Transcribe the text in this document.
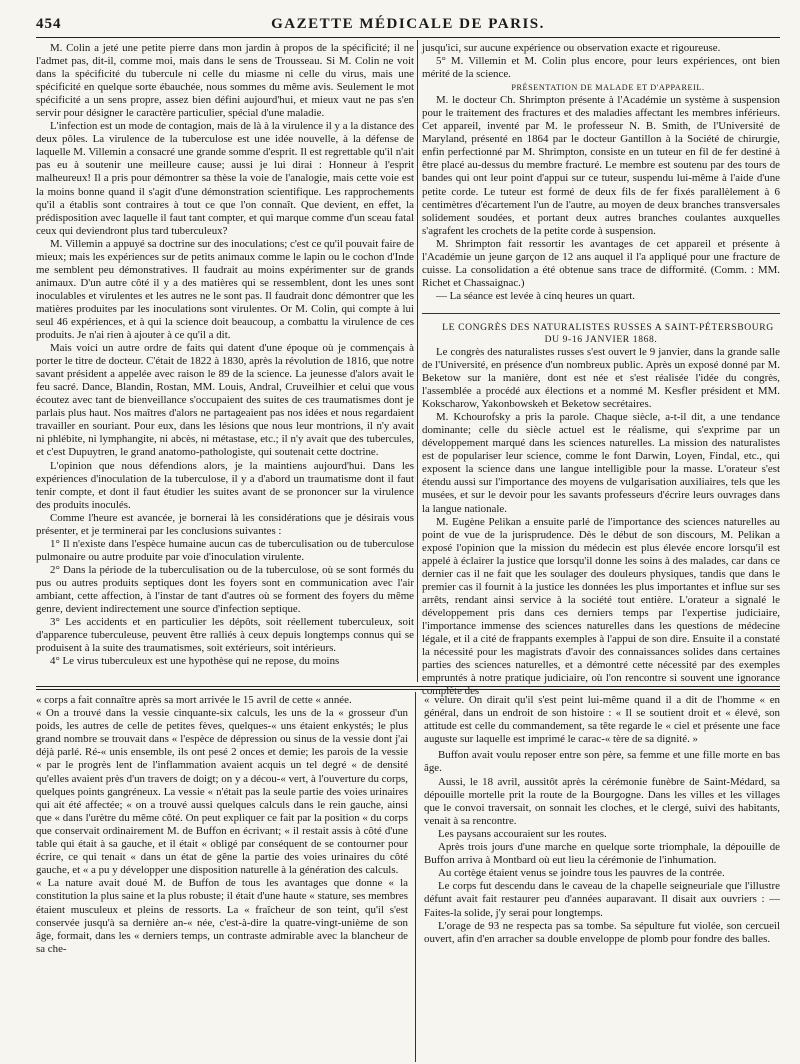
454	GAZETTE MÉDICALE DE PARIS.

M. Colin a jeté une petite pierre dans mon jardin à propos de la spécificité; il ne l'admet pas, dit-il, comme moi, mais dans le sens de Trousseau. Si M. Colin ne voit dans la spécificité du tubercule ni celle du miasme ni celle du virus, mais une spécificité en quelque sorte ébauchée, nous sommes du même avis. Seulement le mot spécificité a un sens propre, assez bien défini aujourd'hui, et mieux vaut ne pas s'en servir pour désigner le caractère particulier, spécial d'une maladie.

L'infection est un mode de contagion, mais de là à la virulence il y a la distance des deux pôles. La virulence de la tuberculose est une idée nouvelle, à la défense de laquelle M. Villemin a consacré une grande somme d'esprit. Il est regrettable qu'il n'ait pas eu à soutenir une meilleure cause; aussi je lui dirai : Honneur à l'esprit malheureux! Il a pris pour démontrer sa thèse la voie de l'analogie, mais cette voie est la moins bonne quand il s'agit d'une démonstration scientifique. Les rapprochements qu'il a établis sont contraires à tout ce que l'on connaît. Que devient, en effet, la prédisposition avec laquelle il faut tant compter, et qui marque comme d'un sceau fatal ceux qui deviendront plus tard tuberculeux?

M. Villemin a appuyé sa doctrine sur des inoculations; c'est ce qu'il pouvait faire de mieux; mais les expériences sur de petits animaux comme le lapin ou le cochon d'Inde me semblent peu démonstratives. Il faudrait au moins expérimenter sur de grands animaux. D'un autre côté il y a des matières qui se ressemblent, dont les unes sont inoculables et virulentes et les autres ne le sont pas. Il faudrait donc démontrer que les matières produites par les inoculations sont virulentes. Or M. Colin, qui compte à lui seul 46 expériences, et à qui la science doit beaucoup, a combattu la virulence de ces produits. Je n'ai rien à ajouter à ce qu'il a dit.

Mais voici un autre ordre de faits qui datent d'une époque où je commençais à porter le titre de docteur. C'était de 1822 à 1830, après la révolution de 1816, que notre savant président a appelée avec raison le 89 de la science. La jeunesse d'alors avait le feu sacré. Dance, Blandin, Rostan, MM. Louis, Andral, Cruveilhier et celui que vous écoutez avec tant de bienveillance s'occupaient des suites de ces traumatismes dont je parlais plus haut. Nos maîtres d'alors ne partageaient pas nos idées et nous regardaient travailler en souriant. Pour eux, dans les lésions que nous leur montrions, il n'y avait ni phlébite, ni lymphangite, ni abcès, ni métastase, etc.; il n'y avait que des tubercules, et c'est Dupuytren, le grand anatomo-pathologiste, qui soutenait cette doctrine.

L'opinion que nous défendions alors, je la maintiens aujourd'hui. Dans les expériences d'inoculation de la tuberculose, il y a d'abord un traumatisme dont il faut tenir compte, et dont il faut étudier les suites avant de se prononcer sur la virulence des produits inoculés.

Comme l'heure est avancée, je bornerai là les considérations que je désirais vous présenter, et je terminerai par les conclusions suivantes :

1° Il n'existe dans l'espèce humaine aucun cas de tuberculisation ou de tuberculose pulmonaire ou autre produite par voie d'inoculation virulente.

2° Dans la période de la tuberculisation ou de la tuberculose, où se sont formés du pus ou autres produits septiques dont les foyers sont en communication avec l'air ambiant, cette affection, à l'instar de tant d'autres où se forment des foyers du même genre, devient indirectement une source d'infection septique.

3° Les accidents et en particulier les dépôts, soit réellement tuberculeux, soit d'apparence tuberculeuse, peuvent être ralliés à ceux depuis longtemps connus qui se produisent à la suite des traumatismes, soit extérieurs, soit intérieurs.

4° Le virus tuberculeux est une hypothèse qui ne repose, du moins

jusqu'ici, sur aucune expérience ou observation exacte et rigoureuse.

5° M. Villemin et M. Colin plus encore, pour leurs expériences, ont bien mérité de la science.

PRÉSENTATION DE MALADE ET D'APPAREIL.

M. le docteur Ch. Shrimpton présente à l'Académie un système à suspension pour le traitement des fractures et des maladies affectant les membres inférieurs. Cet appareil, inventé par M. le professeur N. B. Smith, de l'Université de Maryland, présenté en 1864 par le docteur Gantillon à la Société de chirurgie, enfin perfectionné par M. Shrimpton, consiste en un tuteur en fil de fer destiné à être placé au-dessus du membre fracturé. Le membre est soutenu par des tours de bandes qui ont leur point d'appui sur ce tuteur, suspendu lui-même à l'aide d'une petite corde. Le tuteur est formé de deux fils de fer fixés parallèlement à 6 centimètres d'écartement l'un de l'autre, au moyen de deux branches transversales solidement soudées, et portant deux autres branches coulantes auxquelles s'agrafent les crochets de la petite corde à suspension.

M. Shrimpton fait ressortir les avantages de cet appareil et présente à l'Académie un jeune garçon de 12 ans auquel il l'a appliqué pour une fracture de cuisse. La consolidation a été obtenue sans trace de difformité. (Comm. : MM. Richet et Chassaignac.)

— La séance est levée à cinq heures un quart.

LE CONGRÈS DES NATURALISTES RUSSES A SAINT-PÉTERSBOURG
DU 9-16 JANVIER 1868.

Le congrès des naturalistes russes s'est ouvert le 9 janvier, dans la grande salle de l'Université, en présence d'un nombreux public. Après un exposé donné par M. Beketow sur la manière, dont est née et s'est réalisée l'idée du congrès, l'assemblée a procédé aux élections et a nommé M. Kesfler président et MM. Kokscharow, Yakonbowskeh et Beketow secrétaires.

M. Kchourofsky a pris la parole. Chaque siècle, a-t-il dit, a une tendance dominante; celle du siècle actuel est le réalisme, qui s'exprime par un développement marqué dans les sciences naturelles. La mission des naturalistes est de populariser leur science, comme le font Darwin, Loyen, Findal, etc., qui exposent la science dans une langue intelligible pour la masse. L'orateur s'est étendu aussi sur l'importance des moyens de vulgarisation auxiliaires, tels que les musées, et sur le devoir pour les savants professeurs d'écrire leurs ouvrages dans la langue nationale.

M. Eugène Pelikan a ensuite parlé de l'importance des sciences naturelles au point de vue de la jurisprudence. Dès le début de son discours, M. Pelikan a exposé l'opinion que la mission du médecin est plus élevée encore lorsqu'il est appelé à éclairer la justice que lorsqu'il donne les soins à des malades, car dans ce dernier cas il ne fait que les soulager des douleurs physiques, tandis que dans le premier cas il fournit à la justice les données les plus importantes et influe sur ses arrêts, rendant ainsi service à la société tout entière. L'orateur a signalé le développement pris dans ces derniers temps par l'expertise judiciaire, l'importance immense des sciences naturelles dans les questions de médecine légale, et il a cité de frappants exemples à l'appui de son dire. Ensuite il a constaté la nécessité pour les magistrats d'avoir des connaissances solides dans certaines parties des sciences naturelles, et a démontré cette nécessité par des exemples empruntés à notre pratique judiciaire, où l'on rencontre si souvent une ignorance complète des

« corps a fait connaître après sa mort arrivée le 15 avril de cette « année.

« On a trouvé dans la vessie cinquante-six calculs, les uns de la « grosseur d'un poids, les autres de celle de petites fèves, quelques-« uns étaient enkystés; le plus grand nombre se trouvait dans « l'espèce de dépression ou sinus de la vessie dont j'ai déjà parlé. Ré-« unis ensemble, ils ont pesé 2 onces et demie; les parois de la vessie « par le progrès lent de l'inflammation avaient acquis un tel degré « de densité qu'elles avaient près d'un travers de doigt; on y a décou-« vert, à l'ouverture du corps, quelques points gangréneux. La vessie « n'était pas la seule partie des voies urinaires qui ait été affectée; « on a trouvé aussi quelques calculs dans le rein gauche, ainsi que « dans l'urètre du même côté. On peut expliquer ce fait par la position « du corps que conservait ordinairement M. de Buffon en écrivant; « il restait assis à côté d'une table qui était à sa gauche, et il était « obligé par conséquent de se contourner pour écrire, ce qui tenait « dans un état de gêne la partie des voies urinaires du côté gauche, et « a pu y développer une disposition naturelle à la génération des calculs.

« La nature avait doué M. de Buffon de tous les avantages que donne « la constitution la plus saine et la plus robuste; il était d'une haute « stature, ses membres étaient musculeux et pleins de ressorts. La « fraîcheur de son teint, qu'il s'est conservée jusqu'à sa dernière an-« née, c'est-à-dire la quatre-vingt-unième de son âge, formait, dans les « derniers temps, un contraste admirable avec la blancheur de sa che-

« velure. On dirait qu'il s'est peint lui-même quand il a dit de l'homme « en général, dans un endroit de son histoire : « Il se soutient droit et « élevé, son attitude est celle du commandement, sa tête regarde le « ciel et présente une face auguste sur laquelle est imprimé le carac-« tère de sa dignité. »

Buffon avait voulu reposer entre son père, sa femme et une fille morte en bas âge.

Aussi, le 18 avril, aussitôt après la cérémonie funèbre de Saint-Médard, sa dépouille mortelle prit la route de la Bourgogne. Dans les villes et les villages que le convoi traversait, on sonnait les cloches, et le clergé, suivi des habitants, venait à sa rencontre.

Les paysans accouraient sur les routes.

Après trois jours d'une marche en quelque sorte triomphale, la dépouille de Buffon arriva à Montbard où eut lieu la cérémonie de l'inhumation.

Au cortège étaient venus se joindre tous les pauvres de la contrée.

Le corps fut descendu dans le caveau de la chapelle seigneuriale que l'illustre défunt avait fait restaurer peu d'années auparavant. Il disait aux ouvriers : — Faites-la solide, j'y serai pour longtemps.

L'orage de 93 ne respecta pas sa tombe. Sa sépulture fut violée, son cercueil ouvert, afin d'en arracher sa double enveloppe de plomb pour fondre des balles.
